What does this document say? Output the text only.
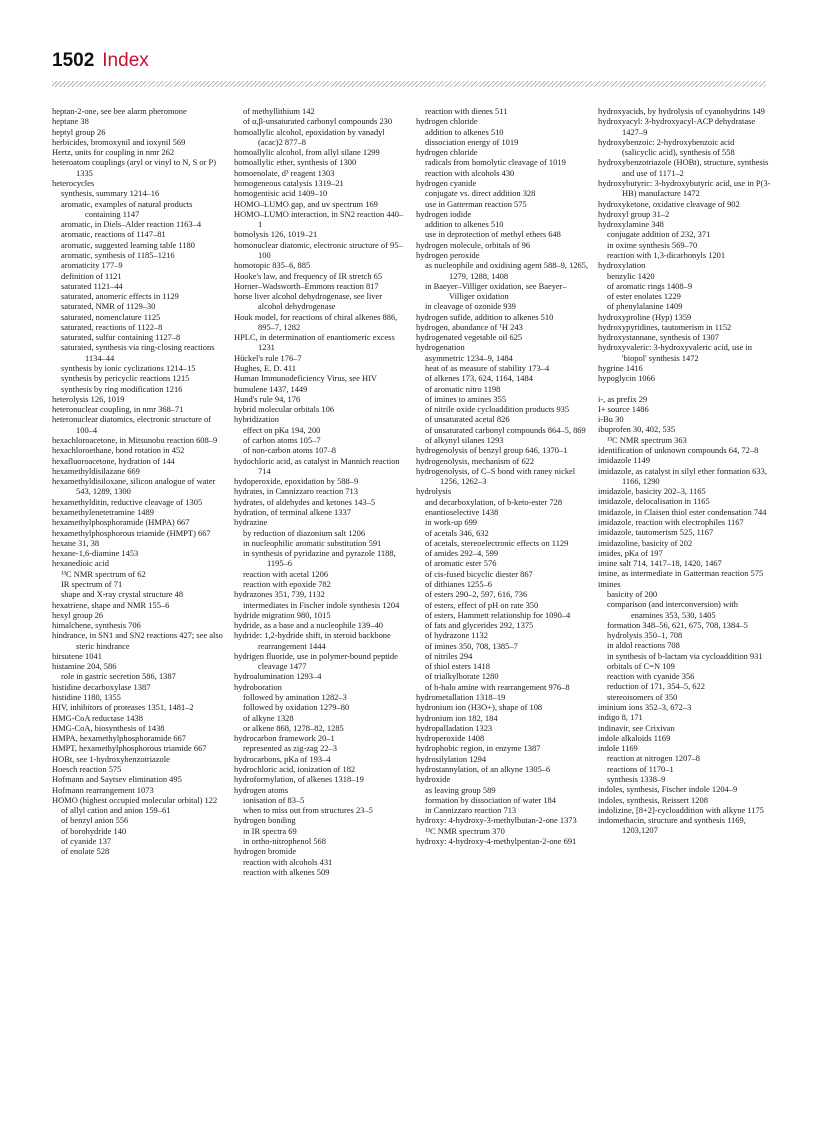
1502 Index
heptan-2-one, see bee alarm pheromone
heptane 38
heptyl group 26
herbicides, bromoxynil and ioxynil 569
Hertz, units for coupling in nmr 262
heteroatom couplings (aryl or vinyl to N, S or P) 1335
heterocycles
synthesis, summary 1214–16
aromatic, examples of natural products containing 1147
aromatic, in Diels–Alder reaction 1163–4
aromatic, reactions of 1147–81
aromatic, suggested learning table 1180
aromatic, synthesis of 1185–1216
aromaticity 177–9
definition of 1121
saturated 1121–44
saturated, anomeric effects in 1129
saturated, NMR of 1129–30
saturated, nomenclature 1125
saturated, reactions of 1122–8
saturated, sulfur containing 1127–8
saturated, synthesis via ring-closing reactions 1134–44
synthesis by ionic cyclizations 1214–15
synthesis by pericyclic reactions 1215
synthesis by ring modification 1216
heterolysis 126, 1019
heteronuclear coupling, in nmr 368–71
heteronuclear diatomics, electronic structure of 100–4
hexachloroacetone, in Mitsunobu reaction 608–9
hexachloroethane, bond rotation in 452
hexafluoroacetone, hydration of 144
hexamethyldisilazane 669
hexamethyldisiloxane, silicon analogue of water 543, 1289, 1300
hexamethylditin, reductive cleavage of 1305
hexamethylenetetramine 1489
hexamethylphosphoramide (HMPA) 667
hexamethylphosphorous triamide (HMPT) 667
hexane 31, 38
hexane-1,6-diamine 1453
hexanedioic acid
¹³C NMR spectrum of 62
IR spectrum of 71
shape and X-ray crystal structure 48
hexatriene, shape and NMR 155–6
hexyl group 26
himalchene, synthesis 706
hindrance, in SN1 and SN2 reactions 427; see also steric hindrance
hirsutene 1041
histamine 204, 586
role in gastric secretion 586, 1387
histidine decarboxylase 1387
histidine 1180, 1355
HIV, inhibitors of proteases 1351, 1481–2
HMG-CoA reductase 1438
HMG-CoA, biosynthesis of 1438
HMPA, hexamethylphosphoramide 667
HMPT, hexamethylphosphorous triamide 667
HOBt, see 1-hydroxybenzotriazole
Hoesch reaction 575
Hofmann and Saytsev elimination 495
Hofmann rearrangement 1073
HOMO (highest occupied molecular orbital) 122
of allyl cation and anion 159–61
of benzyl anion 556
of borohydride 140
of cyanide 137
of enolate 528
of methyllithium 142
of α,β-unsaturated carbonyl compounds 230
homoallylic alcohol, epoxidation by vanadyl (acac)2 877–8
homoallylic alcohol, from allyl silane 1299
homoallylic ether, synthesis of 1300
homoenolate, d³ reagent 1303
homogeneous catalysis 1319–21
homogentisic acid 1409–10
HOMO–LUMO gap, and uv spectrum 169
HOMO–LUMO interaction, in SN2 reaction 440–1
homolysis 126, 1019–21
homonuclear diatomic, electronic structure of 95–100
homotopic 835–6, 885
Hooke's law, and frequency of IR stretch 65
Horner–Wadsworth–Emmons reaction 817
horse liver alcohol dehydrogenase, see liver alcohol dehydrogenase
Houk model, for reactions of chiral alkenes 886, 895–7, 1282
HPLC, in determination of enantiomeric excess 1231
Hückel's rule 176–7
Hughes, E. D. 411
Human Immunodeficiency Virus, see HIV
humulene 1437, 1449
Hund's rule 94, 176
hybrid molecular orbitals 106
hybridization
effect on pKa 194, 200
of carbon atoms 105–7
of non-carbon atoms 107–8
hydochloric acid, as catalyst in Mannich reaction 714
hydoperoxide, epoxidation by 588–9
hydrates, in Cannizzaro reaction 713
hydrates, of aldehydes and ketones 143–5
hydration, of terminal alkene 1337
hydrazine
by reduction of diazonium salt 1206
in nucleophilic aromatic substitution 591
in synthesis of pyridazine and pyrazole 1188, 1195–6
reaction with acetal 1206
reaction with epoxide 782
hydrazones 351, 739, 1132
intermediates in Fischer indole synthesis 1204
hydride migration 980, 1015
hydride, as a base and a nucleophile 139–40
hydride: 1,2-hydride shift, in steroid backbone rearrangement 1444
hydrigen fluoride, use in polymer-bound peptide cleavage 1477
hydroalumination 1293–4
hydroboration
followed by amination 1282–3
followed by oxidation 1279–80
of alkyne 1328
or alkene 868, 1278–82, 1285
hydrocarbon framework 20–1
represented as zig-zag 22–3
hydrocarbons, pKa of 193–4
hydrochloric acid, ionization of 182
hydroformylation, of alkenes 1318–19
hydrogen atoms
ionisation of 83–5
when to miss out from structures 23–5
hydrogen bonding
in IR spectra 69
in ortho-nitrophenol 568
hydrogen bromide
reaction with alcohols 431
reaction with alkenes 509
reaction with dienes 511
hydrogen chloride
addition to alkenes 510
dissociation energy of 1019
hydrogen chloride
radicals from homolytic cleavage of 1019
reaction with alcohols 430
hydrogen cyanide
conjugate vs. direct addition 328
use in Gatterman reaction 575
hydrogen iodide
addition to alkenes 510
use in deprotection of methyl ethers 648
hydrogen molecule, orbitals of 96
hydrogen peroxide
as nucleophile and oxidising agent 588–9, 1265, 1279, 1288, 1408
in Baeyer–Villiger oxidation, see Baeyer–Villiger oxidation
in cleavage of ozonide 939
hydrogen sufide, addition to alkenes 510
hydrogen, abundance of ¹H 243
hydrogenated vegetable oil 625
hydrogenation
asymmetric 1234–9, 1484
heat of as measure of stability 173–4
of alkenes 173, 624, 1164, 1484
of aromatic nitro 1198
of imines to amines 355
of nitrile oxide cycloaddition products 935
of unsaturated acetal 826
of unsaturated carbonyl compounds 864–5, 869
of alkynyl silanes 1293
hydrogenolysis of benzyl group 646, 1370–1
hydrogenolysis, mechanism of 622
hydrogenolysis, of C–S bond with raney nickel 1256, 1262–3
hydrolysis
and decarboxylation, of b-keto-ester 728
enantioselective 1438
in work-up 699
of acetals 346, 632
of acetals, stereoelectronic effects on 1129
of amides 292–4, 599
of aromatic ester 576
of cis-fused bicyclic diester 867
of dithianes 1255–6
of esters 290–2, 597, 616, 736
of esters, effect of pH on rate 350
of esters, Hammett relationship for 1090–4
of fats and glycerides 292, 1375
of hydrazone 1132
of imines 350, 708, 1385–7
of nitriles 294
of thiol esters 1418
of trialkylborate 1280
of b-halo amine with rearrangement 976–8
hydrometallation 1318–19
hydronium ion (H3O+), shape of 108
hydronium ion 182, 184
hydropalladation 1323
hydroperoxide 1408
hydrophobic region, in enzyme 1387
hydrosilylation 1294
hydrostannylation, of an alkyne 1305–6
hydroxide
as leaving group 589
formation by dissociation of water 184
in Cannizzaro reaction 713
hydroxy: 4-hydroxy-3-methylbutan-2-one 1373
¹³C NMR spectrum 370
hydroxy: 4-hydroxy-4-methylpentan-2-one 691
hydroxyacids, by hydrolysis of cyanohydrins 149
hydroxyacyl: 3-hydroxyacyl-ACP dehydratase 1427–9
hydroxybenzoic: 2-hydroxybenzoic acid (salicyclic acid), synthesis of 558
hydroxybenzotriazole (HOBt), structure, synthesis and use of 1171–2
hydroxybutyric: 3-hydroxybutyric acid, use in P(3-HB) manufacture 1472
hydroxyketone, oxidative cleavage of 902
hydroxyl group 31–2
hydroxylamine 348
conjugate addition of 232, 371
in oxime synthesis 569–70
reaction with 1,3-dicarbonyls 1201
hydroxylation
benzylic 1420
of aromatic rings 1408–9
of ester enolates 1229
of phenylalanine 1409
hydroxyproline (Hyp) 1359
hydroxypyridines, tautomerism in 1152
hydroxystannane, synthesis of 1307
hydroxyvaleric: 3-hydroxyvaleric acid, use in 'biopol' synthesis 1472
hygrine 1416
hypoglycin 1066
i-, as prefix 29
I+ source 1486
i-Bu 30
ibuprofen 30, 402, 535
¹³C NMR spectrum 363
identification of unknown compounds 64, 72–8
imidazole 1149
imidazole, as catalyst in silyl ether formation 633, 1166, 1290
imidazole, basicity 202–3, 1165
imidazole, delocalisation in 1165
imidazole, in Claisen thiol ester condensation 744
imidazole, reaction with electrophiles 1167
imidazole, tautomerism 525, 1167
imidazoline, basicity of 202
imides, pKa of 197
imine salt 714, 1417–18, 1420, 1467
imine, as intermediate in Gatterman reaction 575
imines
basicity of 200
comparison (and interconversion) with enamines 353, 530, 1405
formation 348–56, 621, 675, 708, 1384–5
hydrolysis 350–1, 708
in aldol reactions 708
in synthesis of b-lactam via cycloaddition 931
orbitals of C=N 109
reaction with cyanide 356
reduction of 171, 354–5, 622
stereoisomers of 350
iminium ions 352–3, 672–3
indigo 8, 171
indinavir, see Crixivan
indole alkaloids 1169
indole 1169
reaction at nitrogen 1207–8
reactions of 1170–1
synthesis 1338–9
indoles, synthesis, Fischer indole 1204–9
indoles, synthesis, Reissert 1208
indolizine, [8+2]-cycloaddition with alkyne 1175
indomethacin, structure and synthesis 1169, 1203,1207
